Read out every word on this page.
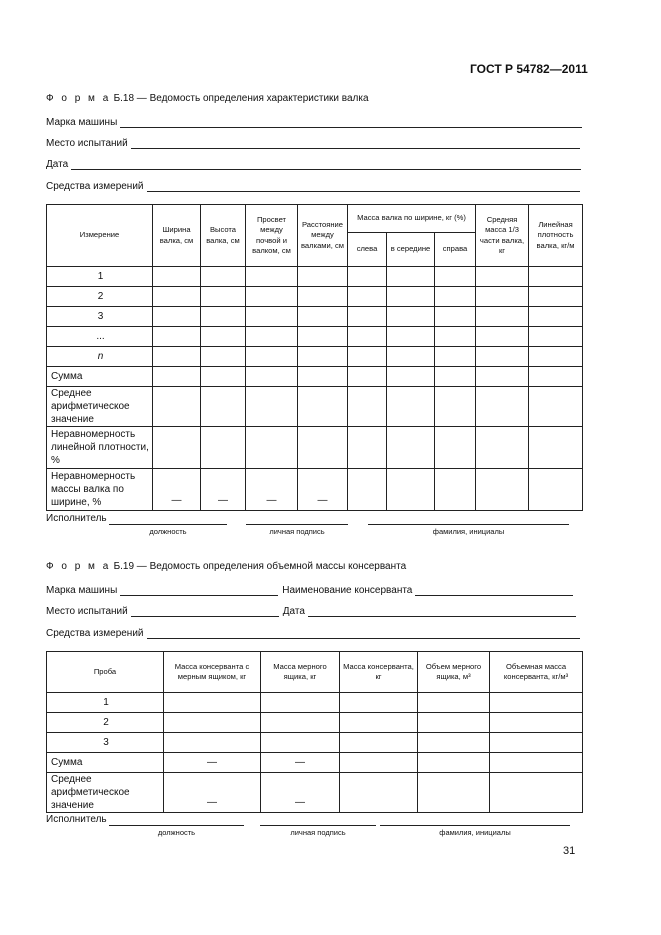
ГОСТ Р 54782—2011
Ф о р м а Б.18 — Ведомость определения характеристики валка
Марка машины
Место испытаний
Дата
Средства измерений
Измерение	Ширина валка, см	Высота валка, см	Просвет между почвой и валком, см	Расстояние между валками, см	Масса валка по ширине, кг (%)			Средняя масса 1/3 части валка, кг	Линейная плотность валка, кг/м
					слева	в середине	справа		
1									
2									
3									
...									
n									
Сумма									
Среднее арифметическое значение									
Неравномерность линейной плотности, %									
Неравномерность массы валка по ширине, %	—	—	—	—					
Исполнитель
должность	личная подпись	фамилия, инициалы
Ф о р м а Б.19 — Ведомость определения объемной массы консерванта
Марка машины	Наименование консерванта
Место испытаний	Дата
Средства измерений
Проба	Масса консерванта с мерным ящиком, кг	Масса мерного ящика, кг	Масса консерванта, кг	Объем мерного ящика, м³	Объемная масса консерванта, кг/м³
1					
2					
3					
Сумма	—	—			
Среднее арифметическое значение	—	—			
Исполнитель
должность	личная подпись	фамилия, инициалы
31
